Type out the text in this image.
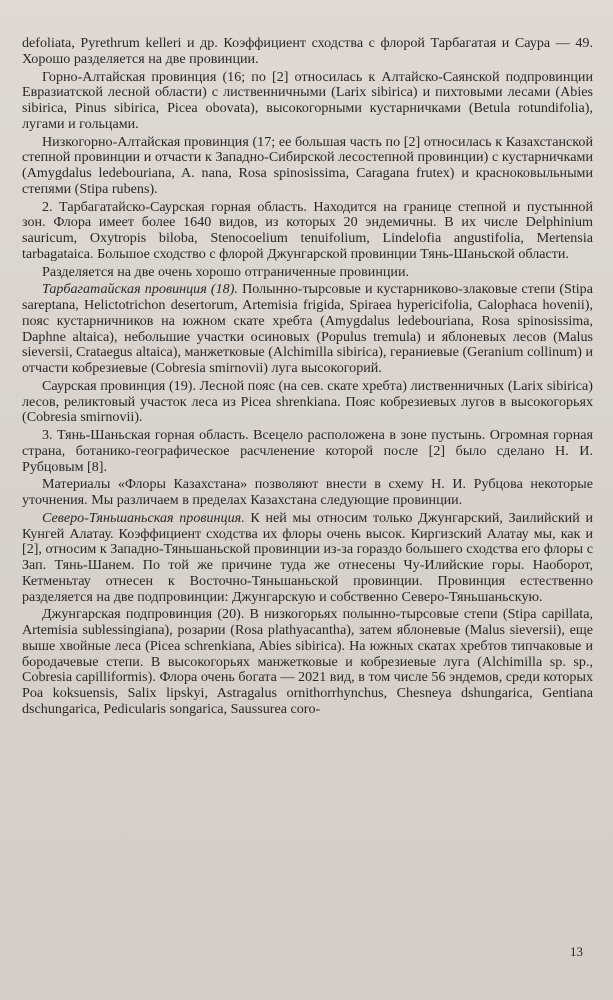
defoliata, Pyrethrum kelleri и др. Коэффициент сходства с флорой Тарбагатая и Саура — 49. Хорошо разделяется на две провинции.

Горно-Алтайская провинция (16; по [2] относилась к Алтайско-Саянской подпровинции Евразиатской лесной области) с лиственничными (Larix sibirica) и пихтовыми лесами (Abies sibirica, Pinus sibirica, Picea obovata), высокогорными кустарничками (Betula rotundifolia), лугами и гольцами.

Низкогорно-Алтайская провинция (17; ее большая часть по [2] относилась к Казахстанской степной провинции и отчасти к Западно-Сибирской лесостепной провинции) с кустарничками (Amygdalus ledebouriana, A. nana, Rosa spinosissima, Caragana frutex) и красноковыльными степями (Stipa rubens).

2. Тарбагатайско-Саурская горная область. Находится на границе степной и пустынной зон. Флора имеет более 1640 видов, из которых 20 эндемичны. В их числе Delphinium sauricum, Oxytropis biloba, Stenocoelium tenuifolium, Lindelofia angustifolia, Mertensia tarbagataica. Большое сходство с флорой Джунгарской провинции Тянь-Шаньской области.

Разделяется на две очень хорошо отграниченные провинции.

Тарбагатайская провинция (18). Полынно-тырсовые и кустарниково-злаковые степи (Stipa sareptana, Helictotrichon desertorum, Artemisia frigida, Spiraea hypericifolia, Calophaca hovenii), пояс кустарничников на южном скате хребта (Amygdalus ledebouriana, Rosa spinosissima, Daphne altaica), небольшие участки осиновых (Populus tremula) и яблоневых лесов (Malus sieversii, Crataegus altaica), манжетковые (Alchimilla sibirica), гераниевые (Geranium collinum) и отчасти кобрезиевые (Cobresia smirnovii) луга высокогорий.

Саурская провинция (19). Лесной пояс (на сев. скате хребта) лиственничных (Larix sibirica) лесов, реликтовый участок леса из Picea shrenkiana. Пояс кобрезиевых лугов в высокогорьях (Cobresia smirnovii).

3. Тянь-Шаньская горная область. Всецело расположена в зоне пустынь. Огромная горная страна, ботанико-географическое расчленение которой после [2] было сделано Н. И. Рубцовым [8].

Материалы «Флоры Казахстана» позволяют внести в схему Н. И. Рубцова некоторые уточнения. Мы различаем в пределах Казахстана следующие провинции.

Северо-Тяньшаньская провинция. К ней мы относим только Джунгарский, Заилийский и Кунгей Алатау. Коэффициент сходства их флоры очень высок. Киргизский Алатау мы, как и [2], относим к Западно-Тяньшаньской провинции из-за гораздо большего сходства его флоры с Зап. Тянь-Шанем. По той же причине туда же отнесены Чу-Илийские горы. Наоборот, Кетменьтау отнесен к Восточно-Тяньшаньской провинции. Провинция естественно разделяется на две подпровинции: Джунгарскую и собственно Северо-Тяньшаньскую.

Джунгарская подпровинция (20). В низкогорьях полынно-тырсовые степи (Stipa capillata, Artemisia sublessingiana), розарии (Rosa plathyacantha), затем яблоневые (Malus sieversii), еще выше хвойные леса (Picea schrenkiana, Abies sibirica). На южных скатах хребтов типчаковые и бородачевые степи. В высокогорьях манжетковые и кобрезиевые луга (Alchimilla sp. sp., Cobresia capilliformis). Флора очень богата — 2021 вид, в том числе 56 эндемов, среди которых Poa koksuensis, Salix lipskyi, Astragalus ornithorrhynchus, Chesneya dshungarica, Gentiana dschungarica, Pedicularis songarica, Saussurea coro-

13
